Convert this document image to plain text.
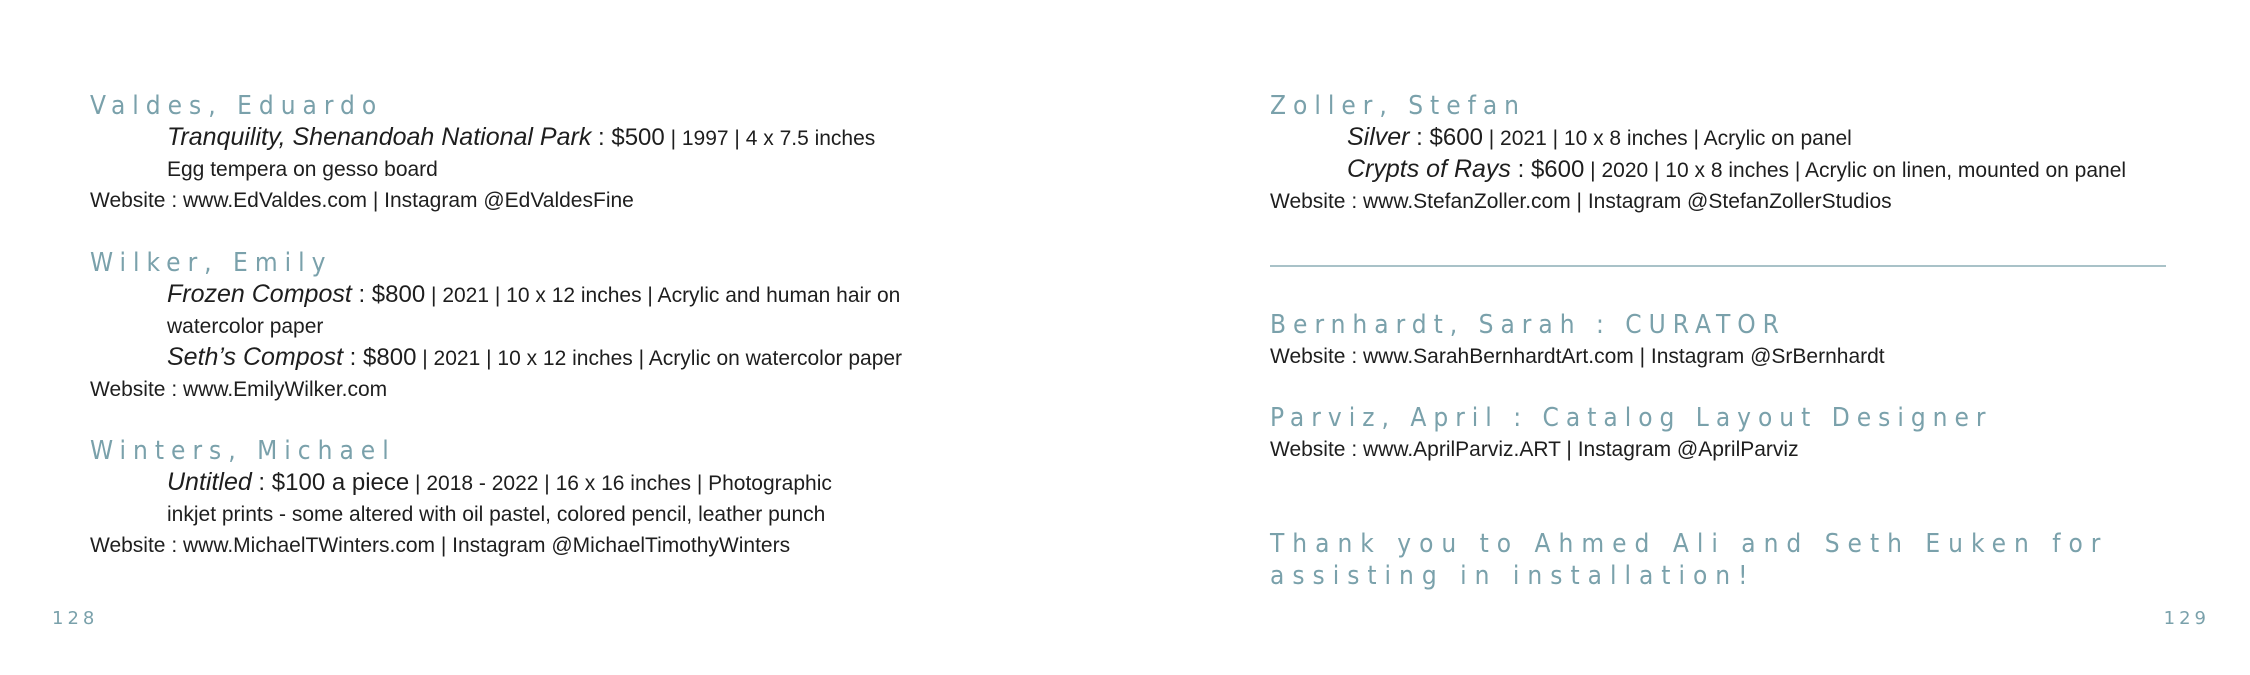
Valdes, Eduardo
Tranquility, Shenandoah National Park : $500 | 1997 | 4 x 7.5 inches
Egg tempera on gesso board
Website : www.EdValdes.com | Instagram @EdValdesFine
Wilker, Emily
Frozen Compost : $800 | 2021 | 10 x 12 inches | Acrylic and human hair on
watercolor paper
Seth’s Compost : $800 | 2021 | 10 x 12 inches | Acrylic on watercolor paper
Website : www.EmilyWilker.com
Winters, Michael
Untitled : $100 a piece | 2018 - 2022 | 16 x 16 inches | Photographic
inkjet prints - some altered with oil pastel, colored pencil, leather punch
Website : www.MichaelTWinters.com | Instagram @MichaelTimothyWinters
128
Zoller, Stefan
Silver : $600 | 2021 | 10 x 8 inches | Acrylic on panel
Crypts of Rays : $600 | 2020 | 10 x 8 inches | Acrylic on linen, mounted on panel
Website : www.StefanZoller.com | Instagram @StefanZollerStudios
Bernhardt, Sarah : CURATOR
Website : www.SarahBernhardtArt.com | Instagram @SrBernhardt
Parviz, April : Catalog Layout Designer
Website : www.AprilParviz.ART | Instagram @AprilParviz
Thank you to Ahmed Ali and Seth Euken for
assisting in installation!
129
